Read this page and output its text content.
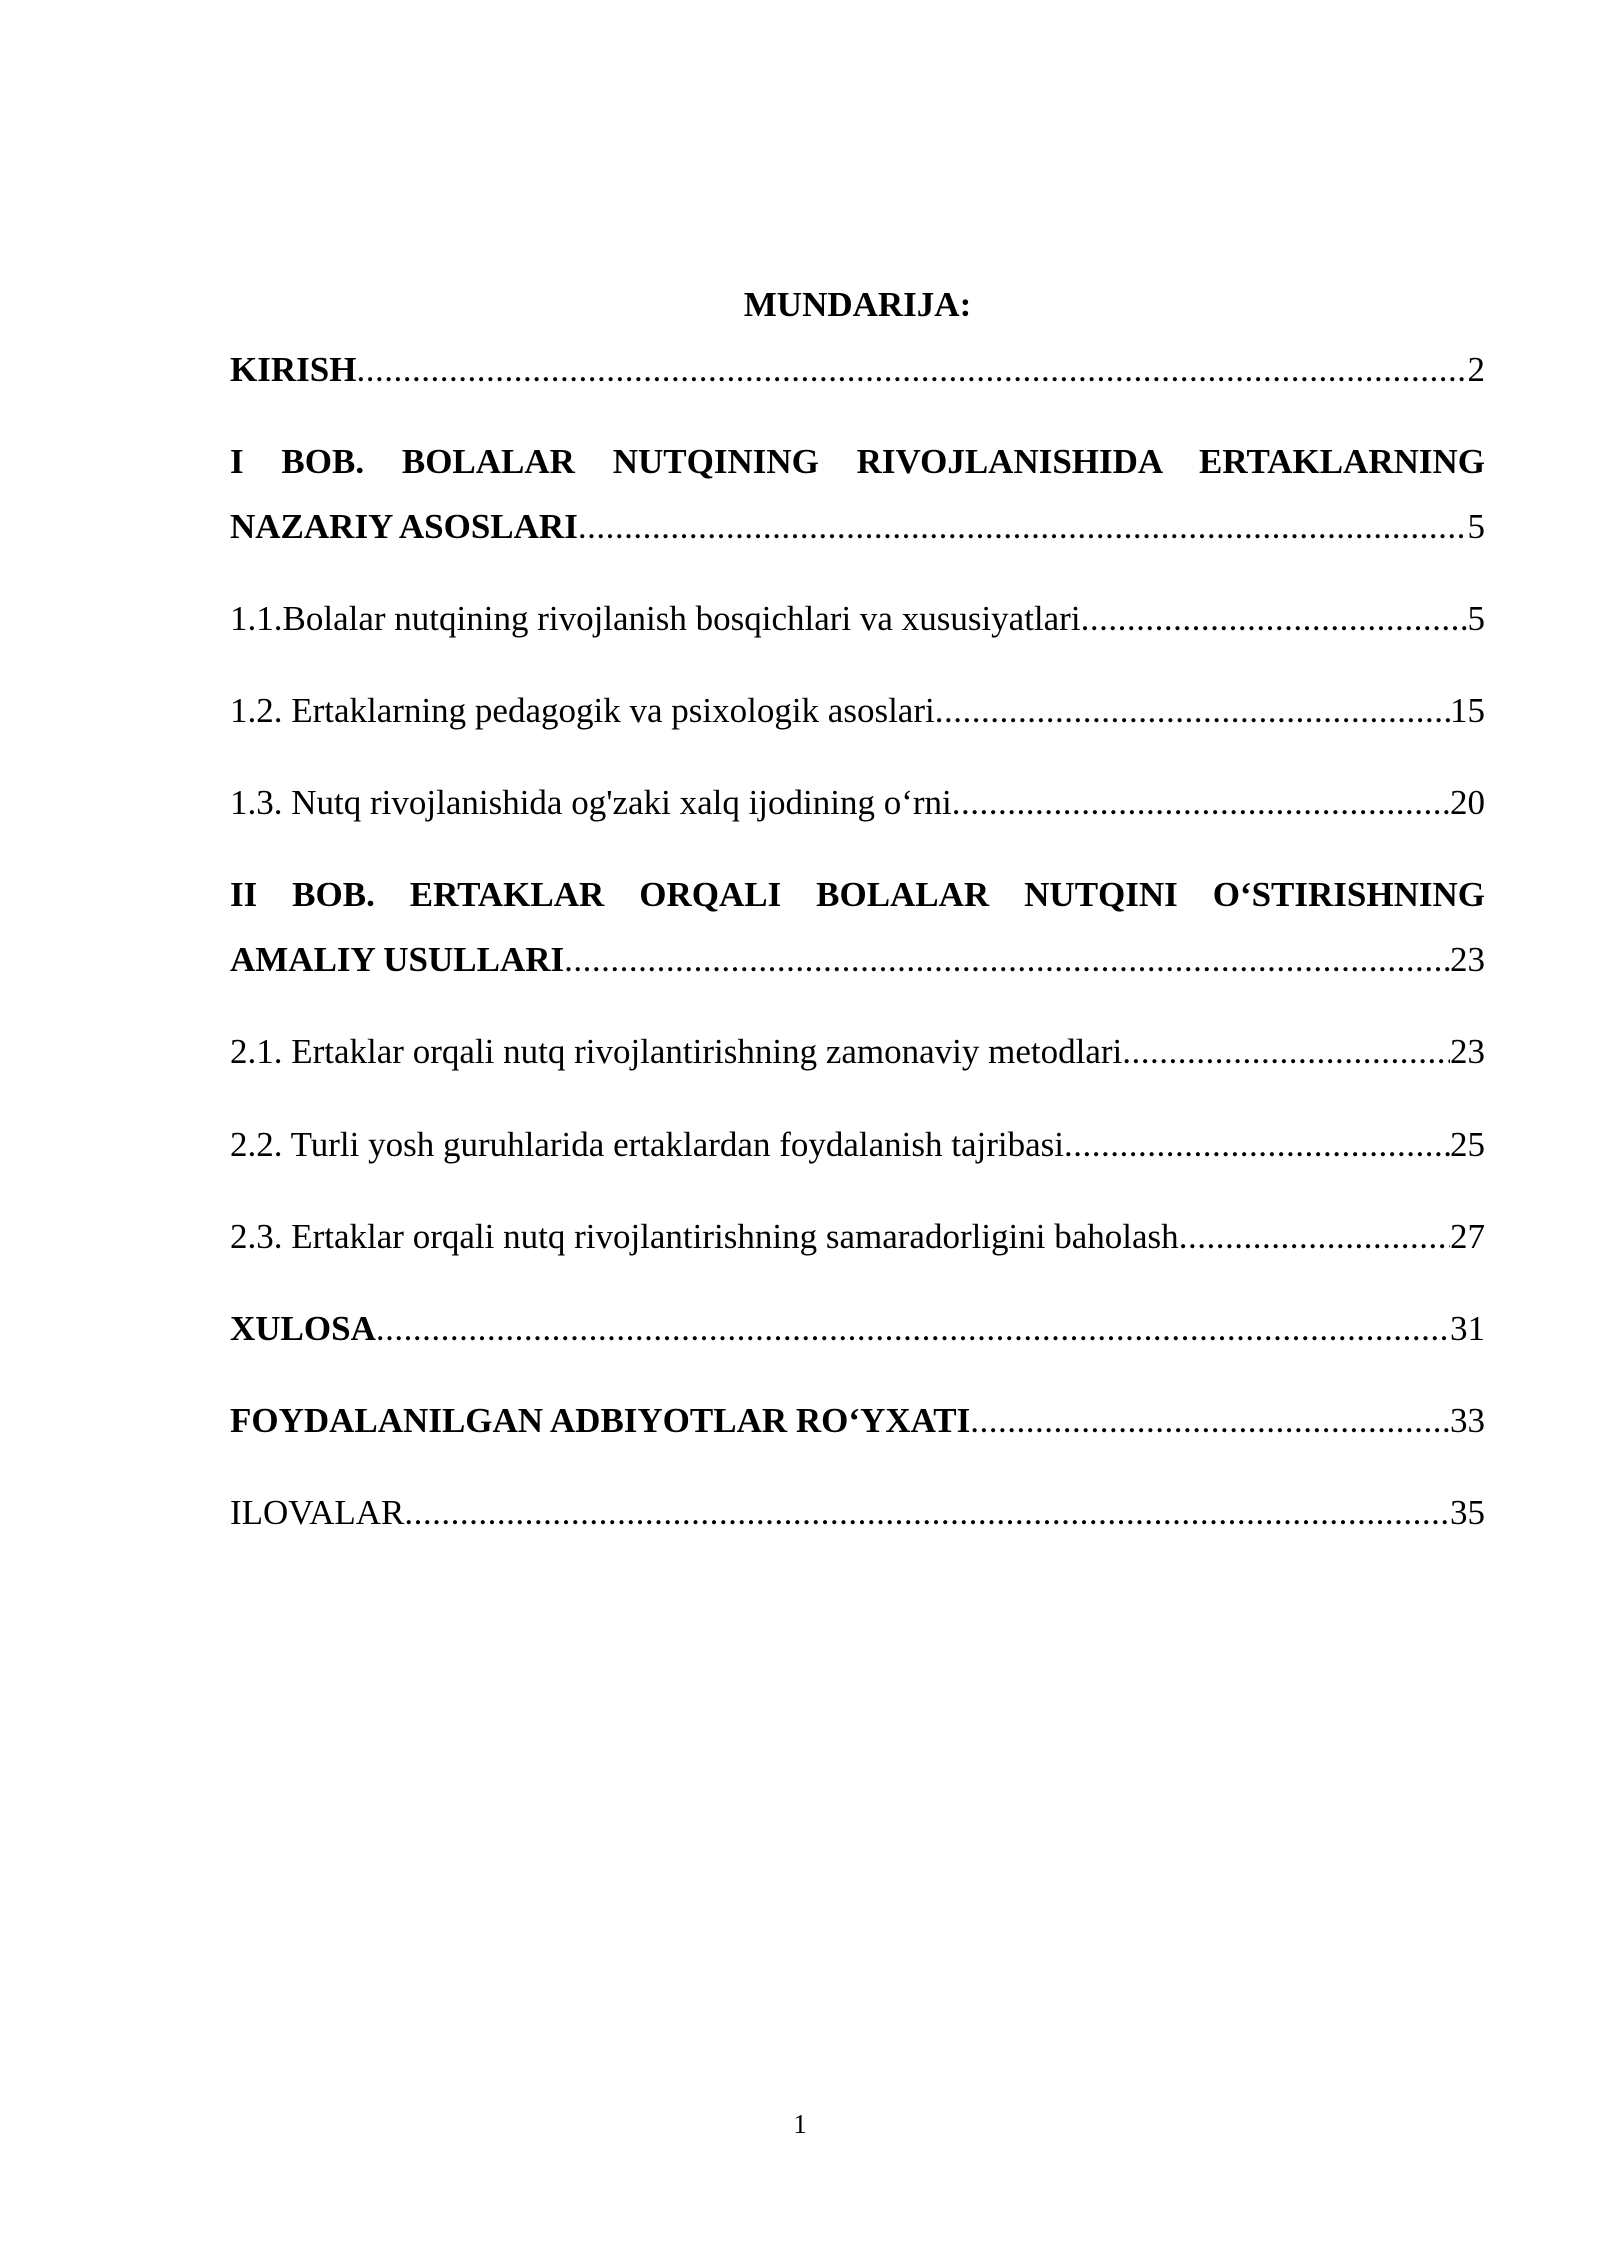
MUNDARIJA:
KIRISH .....	2
I BOB. BOLALAR NUTQINING RIVOJLANISHIDA ERTAKLARNING
NAZARIY ASOSLARI .....	5
1.1.Bolalar nutqining rivojlanish bosqichlari va xususiyatlari .....	5
1.2. Ertaklarning pedagogik va psixologik asoslari .....	15
1.3. Nutq rivojlanishida og'zaki xalq ijodining o‘rni .....	20
II BOB. ERTAKLAR ORQALI BOLALAR NUTQINI O‘STIRISHNING
AMALIY USULLARI .....	23
2.1. Ertaklar orqali nutq rivojlantirishning zamonaviy metodlari .....	23
2.2. Turli yosh guruhlarida ertaklardan foydalanish tajribasi .....	25
2.3. Ertaklar orqali nutq rivojlantirishning samaradorligini baholash .....	27
XULOSA .....	31
FOYDALANILGAN ADBIYOTLAR RO‘YXATI .....	33
ILOVALAR .....	35
1
